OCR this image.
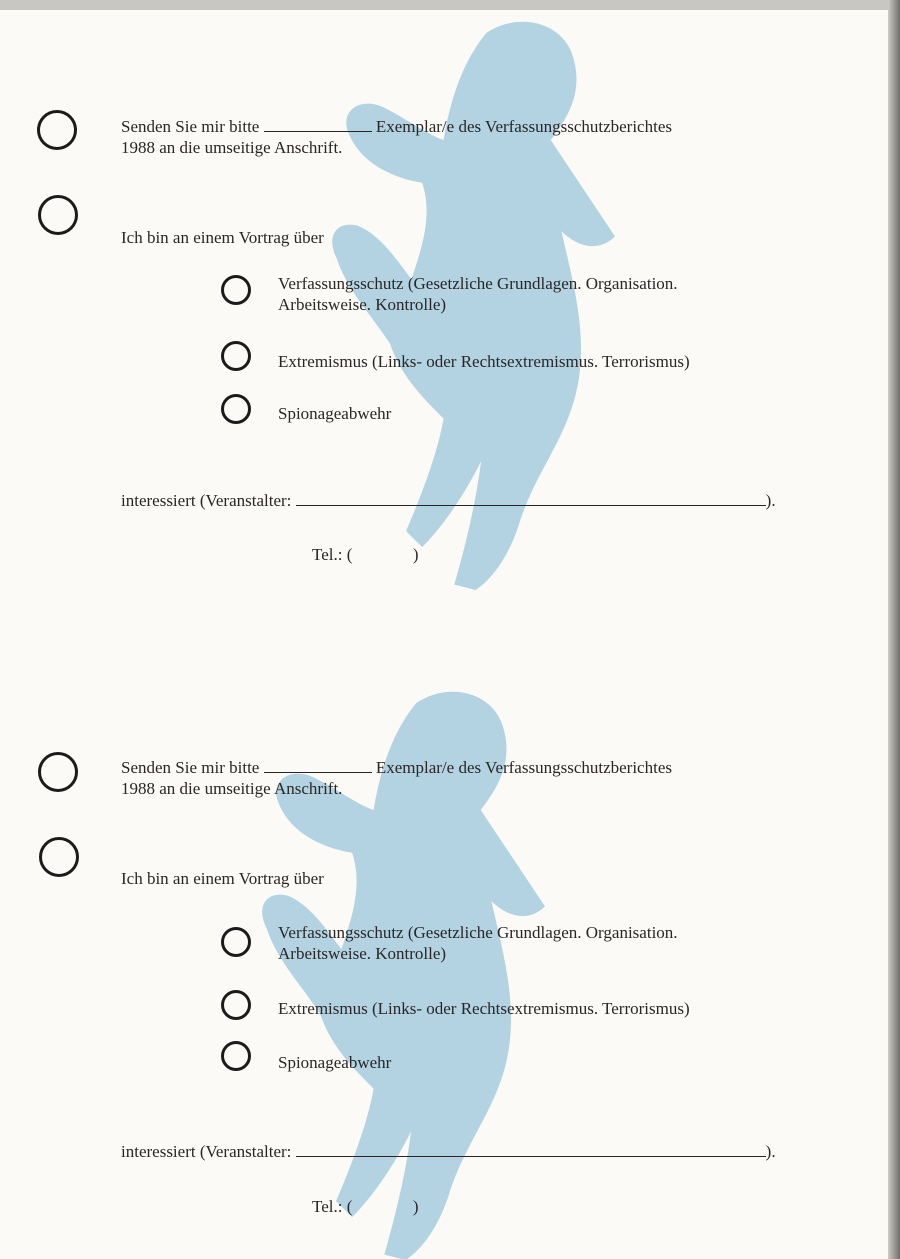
Senden Sie mir bitte	Exemplar/e des Verfassungsschutzberichtes
1988 an die umseitige Anschrift.
Ich bin an einem Vortrag über
Verfassungsschutz (Gesetzliche Grundlagen. Organisation.
Arbeitsweise. Kontrolle)
Extremismus (Links- oder Rechtsextremismus. Terrorismus)
Spionageabwehr
interessiert (Veranstalter:	).
Tel.: (	)
Senden Sie mir bitte	Exemplar/e des Verfassungsschutzberichtes
1988 an die umseitige Anschrift.
Ich bin an einem Vortrag über
Verfassungsschutz (Gesetzliche Grundlagen. Organisation.
Arbeitsweise. Kontrolle)
Extremismus (Links- oder Rechtsextremismus. Terrorismus)
Spionageabwehr
interessiert (Veranstalter:	).
Tel.: (	)
